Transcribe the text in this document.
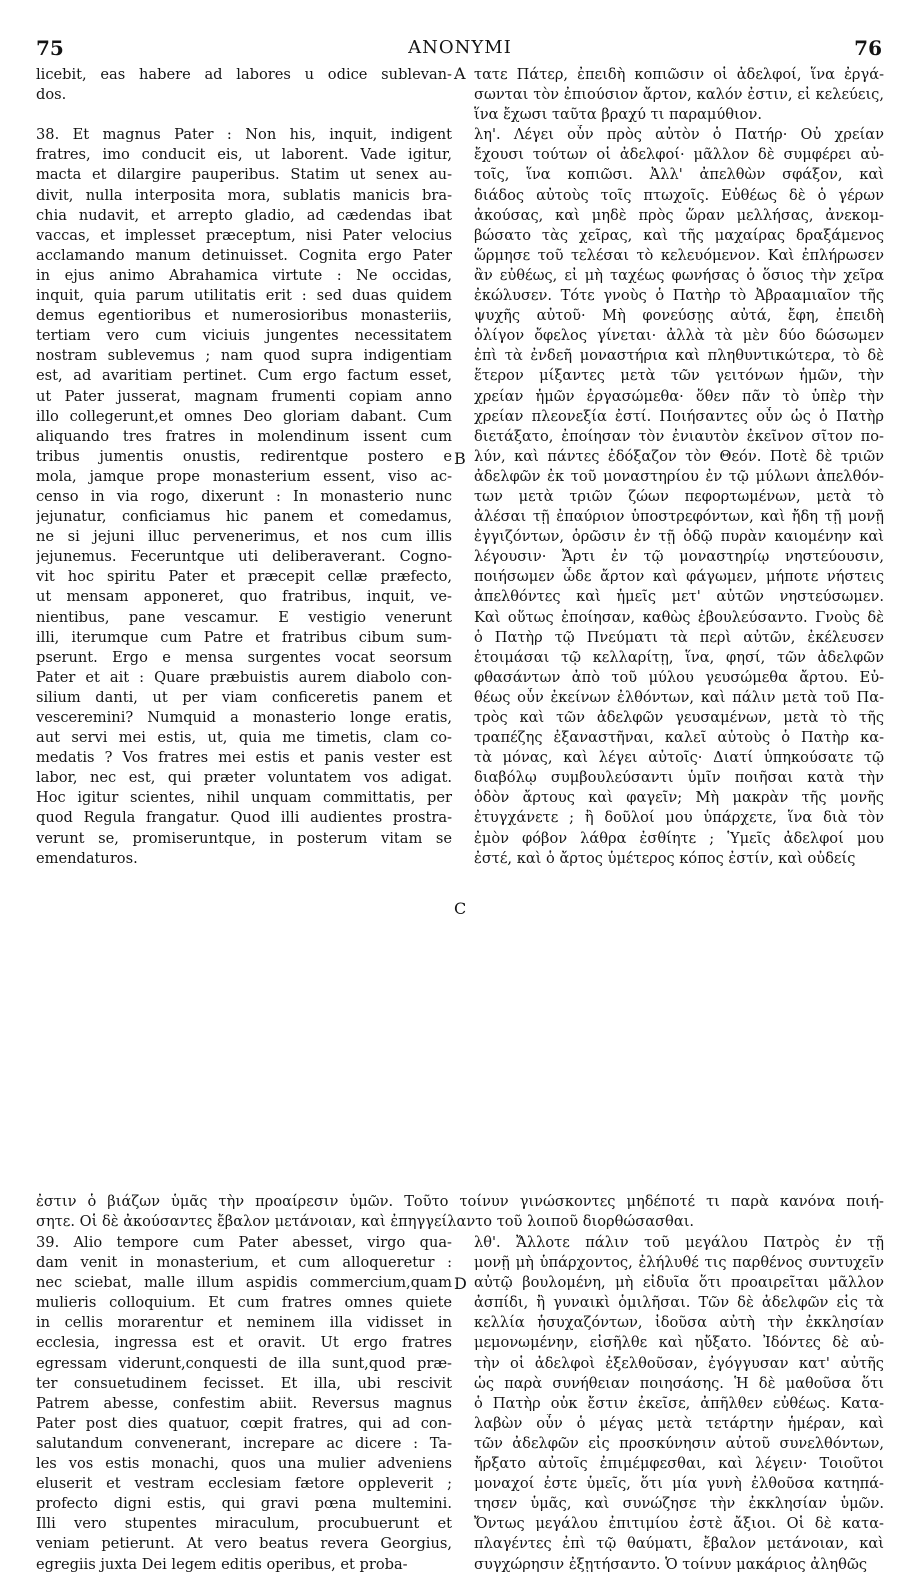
75	ANONYMI	76
A
B
C
D
licebit, eas habere ad labores u odice sublevan-
dos.
38. Et magnus Pater : Non his, inquit, indigent
fratres, imo conducit eis, ut laborent. Vade igitur,
macta et dilargire pauperibus. Statim ut senex au-
divit, nulla interposita mora, sublatis manicis bra-
chia nudavit, et arrepto gladio, ad cædendas ibat
vaccas, et implesset præceptum, nisi Pater velocius
acclamando manum detinuisset. Cognita ergo Pater
in ejus animo Abrahamica virtute : Ne occidas,
inquit, quia parum utilitatis erit : sed duas quidem
demus egentioribus et numerosioribus monasteriis,
tertiam vero cum viciuis jungentes necessitatem
nostram sublevemus ; nam quod supra indigentiam
est, ad avaritiam pertinet. Cum ergo factum esset,
ut Pater jusserat, magnam frumenti copiam anno
illo collegerunt,et omnes Deo gloriam dabant. Cum
aliquando tres fratres in molendinum issent cum
tribus jumentis onustis, redirentque postero e
mola, jamque prope monasterium essent, viso ac-
censo in via rogo, dixerunt : In monasterio nunc
jejunatur, conficiamus hic panem et comedamus,
ne si jejuni illuc pervenerimus, et nos cum illis
jejunemus. Feceruntque uti deliberaverant. Cogno-
vit hoc spiritu Pater et præcepit cellæ præfecto,
ut mensam apponeret, quo fratribus, inquit, ve-
nientibus, pane vescamur. E vestigio venerunt
illi, iterumque cum Patre et fratribus cibum sum-
pserunt. Ergo e mensa surgentes vocat seorsum
Pater et ait : Quare præbuistis aurem diabolo con-
silium danti, ut per viam conficeretis panem et
vesceremini? Numquid a monasterio longe eratis,
aut servi mei estis, ut, quia me timetis, clam co-
medatis ? Vos fratres mei estis et panis vester est
labor, nec est, qui præter voluntatem vos adigat.
Hoc igitur scientes, nihil unquam committatis, per
quod Regula frangatur. Quod illi audientes prostra-
verunt se, promiseruntque, in posterum vitam se
emendaturos.
τατε Πάτερ, ἐπειδὴ κοπιῶσιν οἱ ἀδελφοί, ἵνα ἐργά-
σωνται τὸν ἐπιούσιον ἄρτον, καλόν ἐστιν, εἰ κελεύεις,
ἵνα ἔχωσι ταῦτα βραχύ τι παραμύθιον.
λη'. Λέγει οὖν πρὸς αὐτὸν ὁ Πατήρ· Οὐ χρείαν
ἔχουσι τούτων οἱ ἀδελφοί· μᾶλλον δὲ συμφέρει αὐ-
τοῖς, ἵνα κοπιῶσι. Ἀλλ' ἀπελθὼν σφάξον, καὶ
διάδος αὐτοὺς τοῖς πτωχοῖς. Εὐθέως δὲ ὁ γέρων
ἀκούσας, καὶ μηδὲ πρὸς ὥραν μελλήσας, ἀνεκομ-
βώσατο τὰς χεῖρας, καὶ τῆς μαχαίρας δραξάμενος
ὥρμησε τοῦ τελέσαι τὸ κελευόμενον. Καὶ ἐπλήρωσεν
ἂν εὐθέως, εἰ μὴ ταχέως φωνήσας ὁ ὅσιος τὴν χεῖρα
ἐκώλυσεν. Τότε γνοὺς ὁ Πατὴρ τὸ Ἀβρααμιαῖον τῆς
ψυχῆς αὐτοῦ· Μὴ φονεύσῃς αὐτά, ἔφη, ἐπειδὴ
ὀλίγον ὄφελος γίνεται· ἀλλὰ τὰ μὲν δύο δώσωμεν
ἐπὶ τὰ ἐνδεῆ μοναστήρια καὶ πληθυντικώτερα, τὸ δὲ
ἕτερον μίξαντες μετὰ τῶν γειτόνων ἡμῶν, τὴν
χρείαν ἡμῶν ἐργασώμεθα· ὅθεν πᾶν τὸ ὑπὲρ τὴν
χρείαν πλεονεξία ἐστί. Ποιήσαντες οὖν ὡς ὁ Πατὴρ
διετάξατο, ἐποίησαν τὸν ἐνιαυτὸν ἐκεῖνον σῖτον πο-
λύν, καὶ πάντες ἐδόξαζον τὸν Θεόν. Ποτὲ δὲ τριῶν
ἀδελφῶν ἐκ τοῦ μοναστηρίου ἐν τῷ μύλωνι ἀπελθόν-
των μετὰ τριῶν ζώων πεφορτωμένων, μετὰ τὸ
ἀλέσαι τῇ ἐπαύριον ὑποστρεφόντων, καὶ ἤδη τῇ μονῇ
ἐγγιζόντων, ὁρῶσιν ἐν τῇ ὁδῷ πυρὰν καιομένην καὶ
λέγουσιν· Ἄρτι ἐν τῷ μοναστηρίῳ νηστεύουσιν,
ποιήσωμεν ὧδε ἄρτον καὶ φάγωμεν, μήποτε νήστεις
ἀπελθόντες καὶ ἡμεῖς μετ' αὐτῶν νηστεύσωμεν.
Καὶ οὕτως ἐποίησαν, καθὼς ἐβουλεύσαντο. Γνοὺς δὲ
ὁ Πατὴρ τῷ Πνεύματι τὰ περὶ αὐτῶν, ἐκέλευσεν
ἑτοιμάσαι τῷ κελλαρίτῃ, ἵνα, φησί, τῶν ἀδελφῶν
φθασάντων ἀπὸ τοῦ μύλου γευσώμεθα ἄρτου. Εὐ-
θέως οὖν ἐκείνων ἐλθόντων, καὶ πάλιν μετὰ τοῦ Πα-
τρὸς καὶ τῶν ἀδελφῶν γευσαμένων, μετὰ τὸ τῆς
τραπέζης ἐξαναστῆναι, καλεῖ αὐτοὺς ὁ Πατὴρ κα-
τὰ μόνας, καὶ λέγει αὐτοῖς· Διατί ὑπηκούσατε τῷ
διαβόλῳ συμβουλεύσαντι ὑμῖν ποιῆσαι κατὰ τὴν
ὁδὸν ἄρτους καὶ φαγεῖν; Μὴ μακρὰν τῆς μονῆς
ἐτυγχάνετε ; ἢ δοῦλοί μου ὑπάρχετε, ἵνα διὰ τὸν
ἐμὸν φόβον λάθρα ἐσθίητε ; Ὑμεῖς ἀδελφοί μου
ἐστέ, καὶ ὁ ἄρτος ὑμέτερος κόπος ἐστίν, καὶ οὐδείς
ἐστιν ὁ βιάζων ὑμᾶς τὴν προαίρεσιν ὑμῶν. Τοῦτο τοίνυν γινώσκοντες μηδέποτέ τι παρὰ κανόνα ποιή-
σητε. Οἱ δὲ ἀκούσαντες ἔβαλον μετάνοιαν, καὶ ἐπηγγείλαντο τοῦ λοιποῦ διορθώσασθαι.
39. Alio tempore cum Pater abesset, virgo qua-
dam venit in monasterium, et cum alloqueretur :
nec sciebat, malle illum aspidis commercium,quam
mulieris colloquium. Et cum fratres omnes quiete
in cellis morarentur et neminem illa vidisset in
ecclesia, ingressa est et oravit. Ut ergo fratres
egressam viderunt,conquesti de illa sunt,quod præ-
ter consuetudinem fecisset. Et illa, ubi rescivit
Patrem abesse, confestim abiit. Reversus magnus
Pater post dies quatuor, cœpit fratres, qui ad con-
salutandum convenerant, increpare ac dicere : Ta-
les vos estis monachi, quos una mulier adveniens
eluserit et vestram ecclesiam fætore oppleverit ;
profecto digni estis, qui gravi pœna multemini.
Illi vero stupentes miraculum, procubuerunt et
veniam petierunt. At vero beatus revera Georgius,
egregiis juxta Dei legem editis operibus, et proba-
λθ'. Ἄλλοτε πάλιν τοῦ μεγάλου Πατρὸς ἐν τῇ
μονῇ μὴ ὑπάρχοντος, ἐλήλυθέ τις παρθένος συντυχεῖν
αὐτῷ βουλομένη, μὴ εἰδυῖα ὅτι προαιρεῖται μᾶλλον
ἀσπίδι, ἢ γυναικὶ ὁμιλῆσαι. Τῶν δὲ ἀδελφῶν εἰς τὰ
κελλία ἡσυχαζόντων, ἰδοῦσα αὐτὴ τὴν ἐκκλησίαν
μεμονωμένην, εἰσῆλθε καὶ ηὔξατο. Ἰδόντες δὲ αὐ-
τὴν οἱ ἀδελφοὶ ἐξελθοῦσαν, ἐγόγγυσαν κατ' αὐτῆς
ὡς παρὰ συνήθειαν ποιησάσης. Ἡ δὲ μαθοῦσα ὅτι
ὁ Πατὴρ οὐκ ἔστιν ἐκεῖσε, ἀπῆλθεν εὐθέως. Κατα-
λαβὼν οὖν ὁ μέγας μετὰ τετάρτην ἡμέραν, καὶ
τῶν ἀδελφῶν εἰς προσκύνησιν αὐτοῦ συνελθόντων,
ἤρξατο αὐτοῖς ἐπιμέμφεσθαι, καὶ λέγειν· Τοιοῦτοι
μοναχοί ἐστε ὑμεῖς, ὅτι μία γυνὴ ἐλθοῦσα κατηπά-
τησεν ὑμᾶς, καὶ συνώζησε τὴν ἐκκλησίαν ὑμῶν.
Ὄντως μεγάλου ἐπιτιμίου ἐστὲ ἄξιοι. Οἱ δὲ κατα-
πλαγέντες ἐπὶ τῷ θαύματι, ἔβαλον μετάνοιαν, καὶ
συγχώρησιν ἐξῃτήσαντο. Ὁ τοίνυν μακάριος ἀληθῶς
